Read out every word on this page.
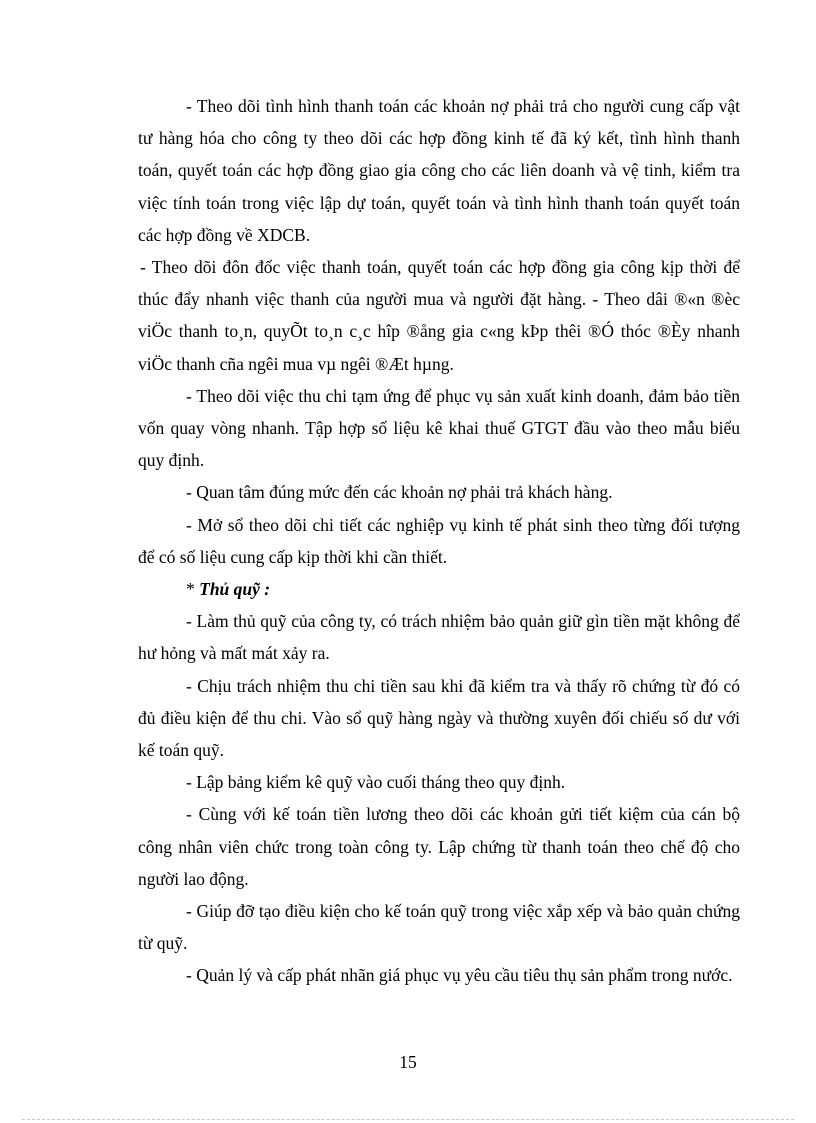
- Theo dõi tình hình thanh toán các khoản nợ phải trả cho người cung cấp vật tư hàng hóa cho công ty theo dõi các hợp đồng kinh tế đã ký kết, tình hình thanh toán, quyết toán các hợp đồng giao gia công cho các liên doanh và vệ tinh, kiểm tra việc tính toán trong việc lập dự toán, quyết toán và tình hình thanh toán quyết toán các hợp đồng về XDCB.

- Theo dõi đôn đốc việc thanh toán, quyết toán các hợp đồng gia công kịp thời để thúc đẩy nhanh việc thanh của người mua và người đặt hàng. - Theo dâi ®«n ®èc viÖc thanh to¸n, quyÕt to¸n c¸c hîp ®ång gia c«ng kÞp thêi ®Ó thóc ®Èy nhanh viÖc thanh cña ngêi mua vµ ngêi ®Æt hµng.

- Theo dõi việc thu chi tạm ứng để phục vụ sản xuất kinh doanh, đảm bảo tiền vốn quay vòng nhanh. Tập hợp số liệu kê khai thuế GTGT đầu vào theo mẫu biểu quy định.

- Quan tâm đúng mức đến các khoản nợ phải trả khách hàng.

- Mở sổ theo dõi chi tiết các nghiệp vụ kinh tế phát sinh theo từng đối tượng để có số liệu cung cấp kịp thời khi cần thiết.

* Thủ quỹ :

- Làm thủ quỹ của công ty, có trách nhiệm bảo quản giữ gìn tiền mặt không để hư hỏng và mất mát xảy ra.

- Chịu trách nhiệm thu chi tiền sau khi đã kiểm tra và thấy rõ chứng từ đó có đủ điều kiện để thu chi. Vào sổ quỹ hàng ngày và thường xuyên đối chiếu số dư với kế toán quỹ.

- Lập bảng kiểm kê quỹ vào cuối tháng theo quy định.

- Cùng với kế toán tiền lương theo dõi các khoản gửi tiết kiệm của cán bộ công nhân viên chức trong toàn công ty. Lập chứng từ thanh toán theo chế độ cho người lao động.

- Giúp đỡ tạo điều kiện cho kế toán quỹ trong việc xắp xếp và bảo quản chứng từ quỹ.

- Quản lý và cấp phát nhãn giá phục vụ yêu cầu tiêu thụ sản phẩm trong nước.

15
